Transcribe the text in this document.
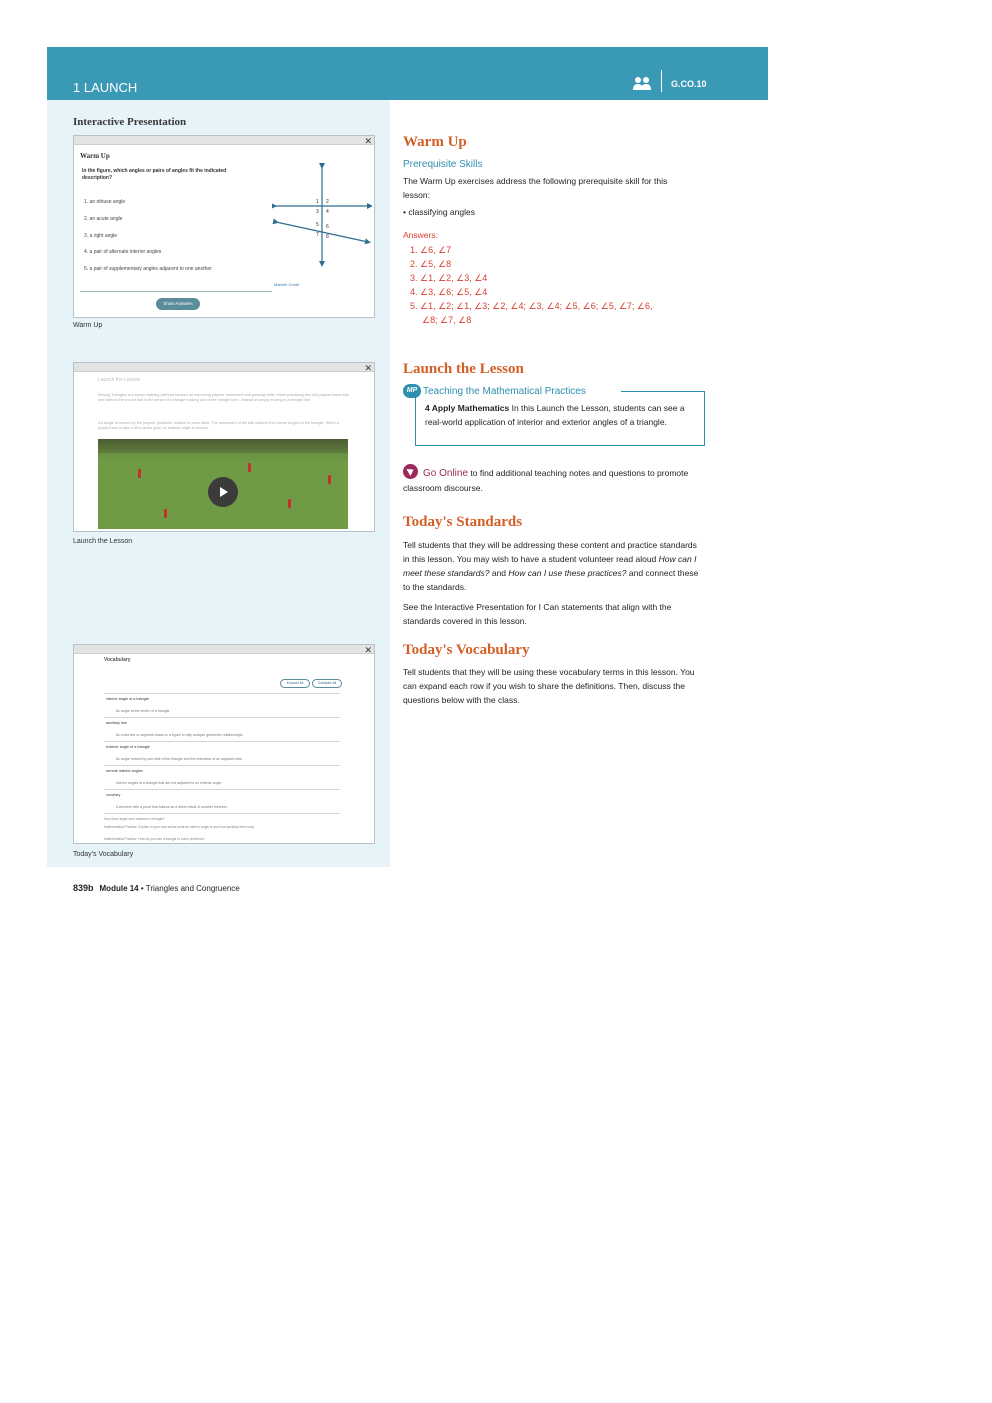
1 LAUNCH	G.CO.10
Interactive Presentation
✕
Warm Up
In the figure, which angles or pairs of angles fit the indicated description?
1. an obtuse angle
2. an acute angle
3. a right angle
4. a pair of alternate interior angles
5. a pair of supplementary angles adjacent to one another
1 2
3 4
5 6
7 8
Mabeth Credit
Show Answers
Warm Up
✕
Launch the Lesson
Moving Triangles is a soccer training drill that focuses on improving players' movement and passing skills. When practicing this drill players move with and without the soccer ball in the sense of a triangle making use of the triangle form. Instead of simply moving in a straight line.
A triangle is formed by the players' positions' relation to each other. The movement of the ball outlines the interior angles of the triangle. When a player turns to take a shot at the goal, an exterior angle is formed.
Launch the Lesson
✕
Vocabulary
Expand All	Collapse All
interior angle of a triangle
An angle at the vertex of a triangle.
auxiliary line
An extra line or segment drawn in a figure to help analyze geometric relationships.
exterior angle of a triangle
An angle formed by one side of the triangle and the extension of an adjacent side.
remote interior angles
Interior angles of a triangle that are not adjacent to an exterior angle.
corollary
A theorem with a proof that follows as a direct result of another theorem.
How does angle sum measure a triangle?
Mathematical Practice: Explain in your own words what an interior angle is and how auxiliary lines help.
Mathematical Practice: How do you use a triangle to solve problems?
Today's Vocabulary
Warm Up
Prerequisite Skills
The Warm Up exercises address the following prerequisite skill for this lesson:
• classifying angles
Answers:
1. ∠6, ∠7
2. ∠5, ∠8
3. ∠1, ∠2, ∠3, ∠4
4. ∠3, ∠6; ∠5, ∠4
5. ∠1, ∠2; ∠1, ∠3; ∠2, ∠4; ∠3, ∠4; ∠5, ∠6; ∠5, ∠7; ∠6,
∠8; ∠7, ∠8
Launch the Lesson
MP Teaching the Mathematical Practices
4 Apply Mathematics In this Launch the Lesson, students can see a real-world application of interior and exterior angles of a triangle.
Go Online to find additional teaching notes and questions to promote classroom discourse.
Today's Standards
Tell students that they will be addressing these content and practice standards in this lesson. You may wish to have a student volunteer read aloud How can I meet these standards? and How can I use these practices? and connect these to the standards.
See the Interactive Presentation for I Can statements that align with the standards covered in this lesson.
Today's Vocabulary
Tell students that they will be using these vocabulary terms in this lesson. You can expand each row if you wish to share the definitions. Then, discuss the questions below with the class.
839b Module 14 • Triangles and Congruence
